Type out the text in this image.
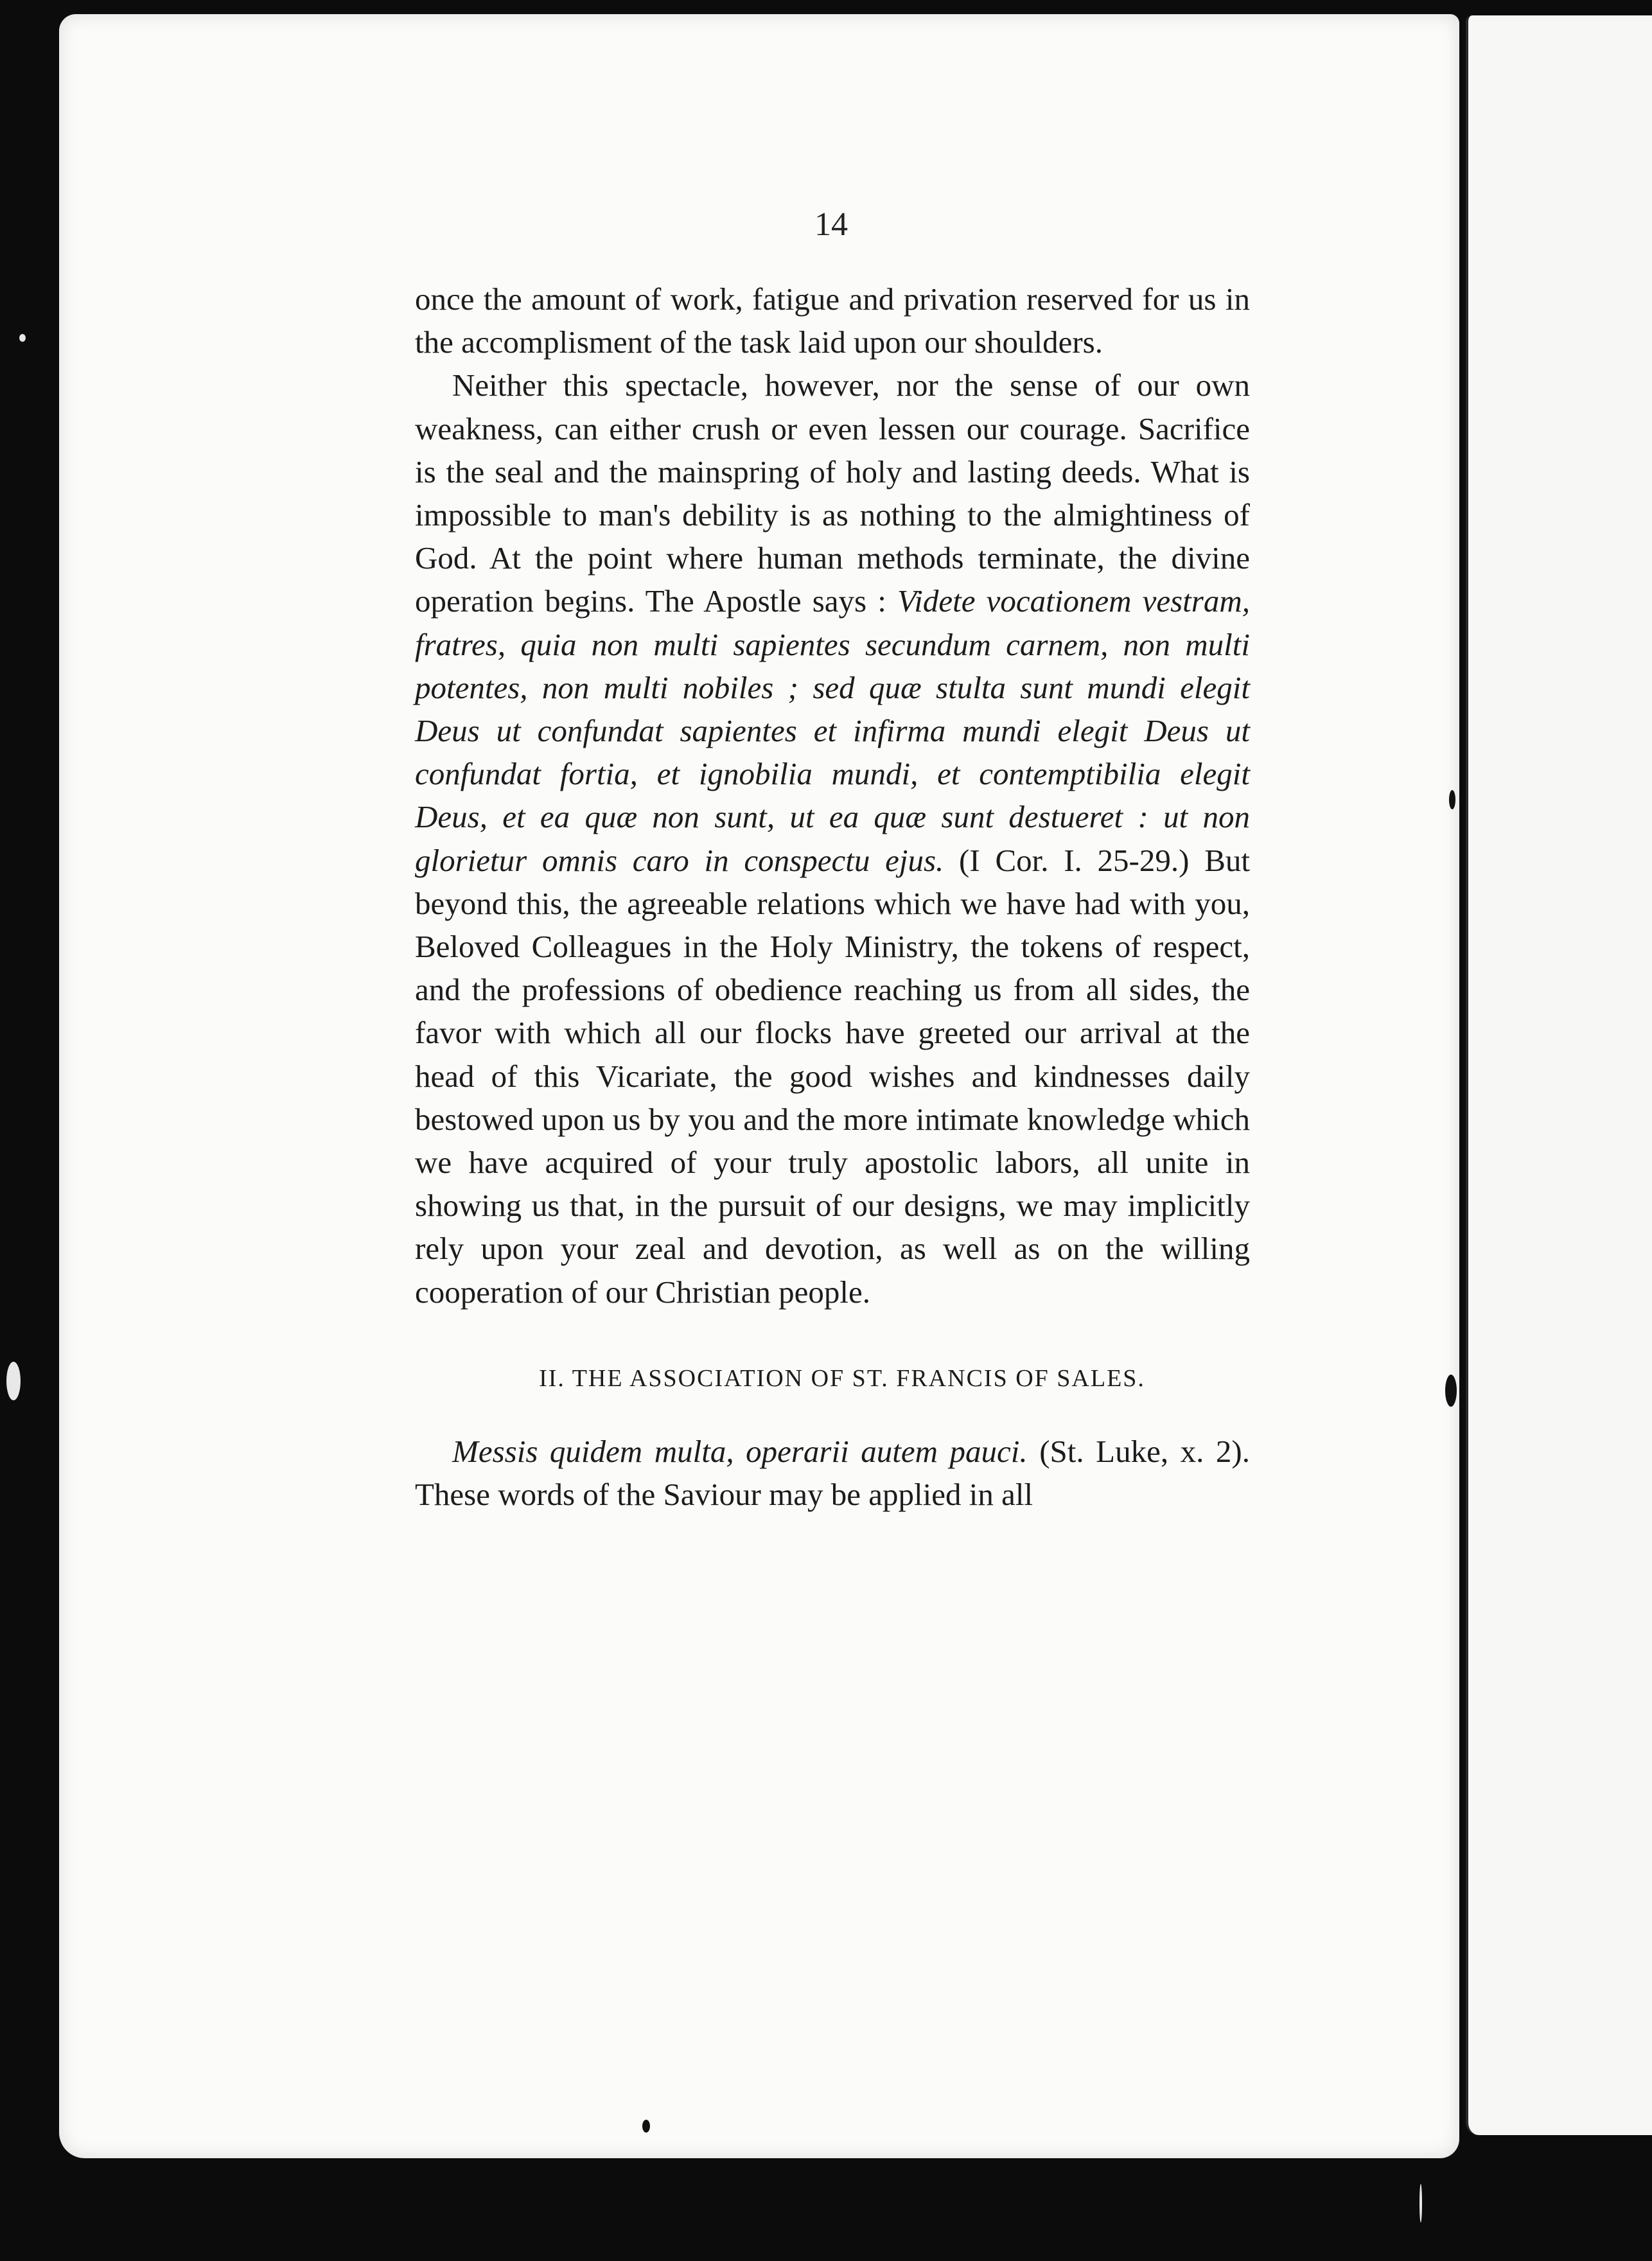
14

once the amount of work, fatigue and privation reserved for us in the accomplisment of the task laid upon our shoulders.

Neither this spectacle, however, nor the sense of our own weakness, can either crush or even lessen our courage. Sacrifice is the seal and the mainspring of holy and lasting deeds. What is impossible to man's debility is as nothing to the almightiness of God. At the point where human methods terminate, the divine operation begins. The Apostle says : Videte vocationem vestram, fratres, quia non multi sapientes secundum carnem, non multi potentes, non multi nobiles ; sed quæ stulta sunt mundi elegit Deus ut confundat sapientes et infirma mundi elegit Deus ut confundat fortia, et ignobilia mundi, et contemptibilia elegit Deus, et ea quæ non sunt, ut ea quæ sunt destueret : ut non glorietur omnis caro in conspectu ejus. (I Cor. I. 25-29.) But beyond this, the agreeable relations which we have had with you, Beloved Colleagues in the Holy Ministry, the tokens of respect, and the professions of obedience reaching us from all sides, the favor with which all our flocks have greeted our arrival at the head of this Vicariate, the good wishes and kindnesses daily bestowed upon us by you and the more intimate knowledge which we have acquired of your truly apostolic labors, all unite in showing us that, in the pursuit of our designs, we may implicitly rely upon your zeal and devotion, as well as on the willing cooperation of our Christian people.

II. THE ASSOCIATION OF ST. FRANCIS OF SALES.

Messis quidem multa, operarii autem pauci. (St. Luke, x. 2). These words of the Saviour may be applied in all
